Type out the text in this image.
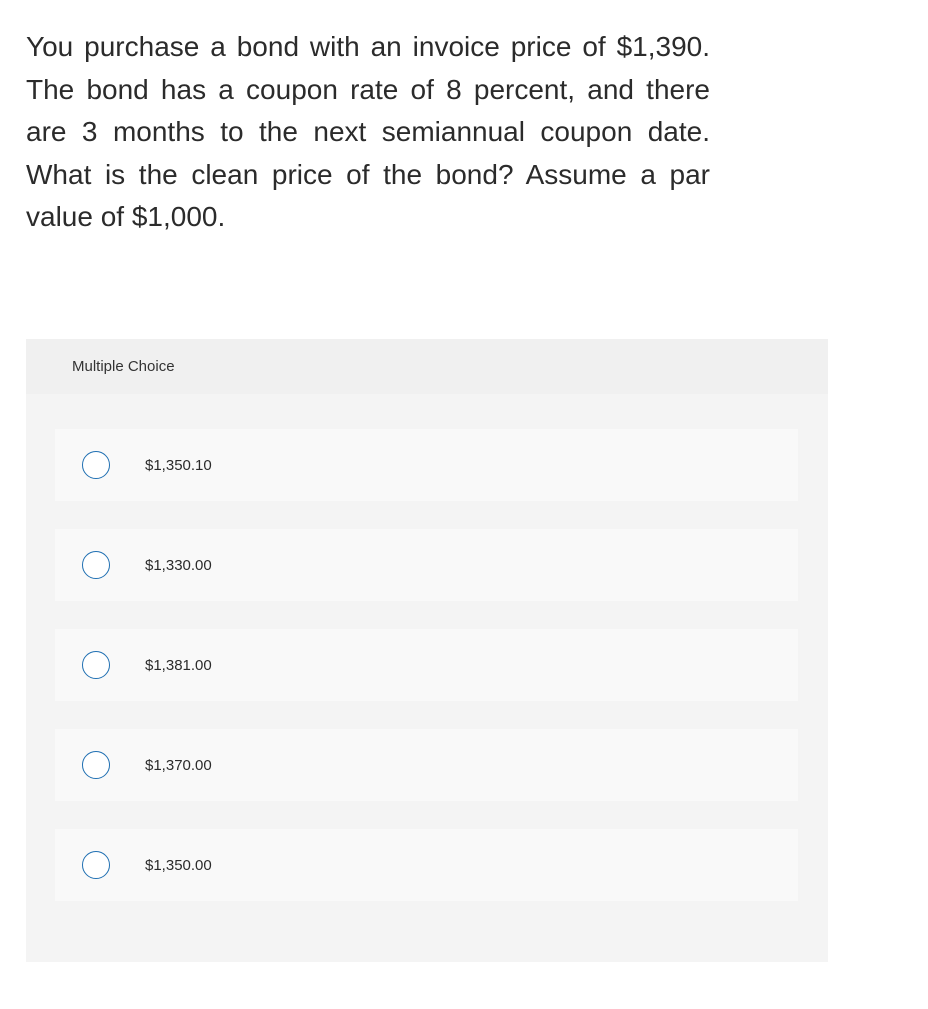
You purchase a bond with an invoice price of $1,390. The bond has a coupon rate of 8 percent, and there are 3 months to the next semiannual coupon date. What is the clean price of the bond? Assume a par value of $1,000.

Multiple Choice
$1,350.10
$1,330.00
$1,381.00
$1,370.00
$1,350.00
